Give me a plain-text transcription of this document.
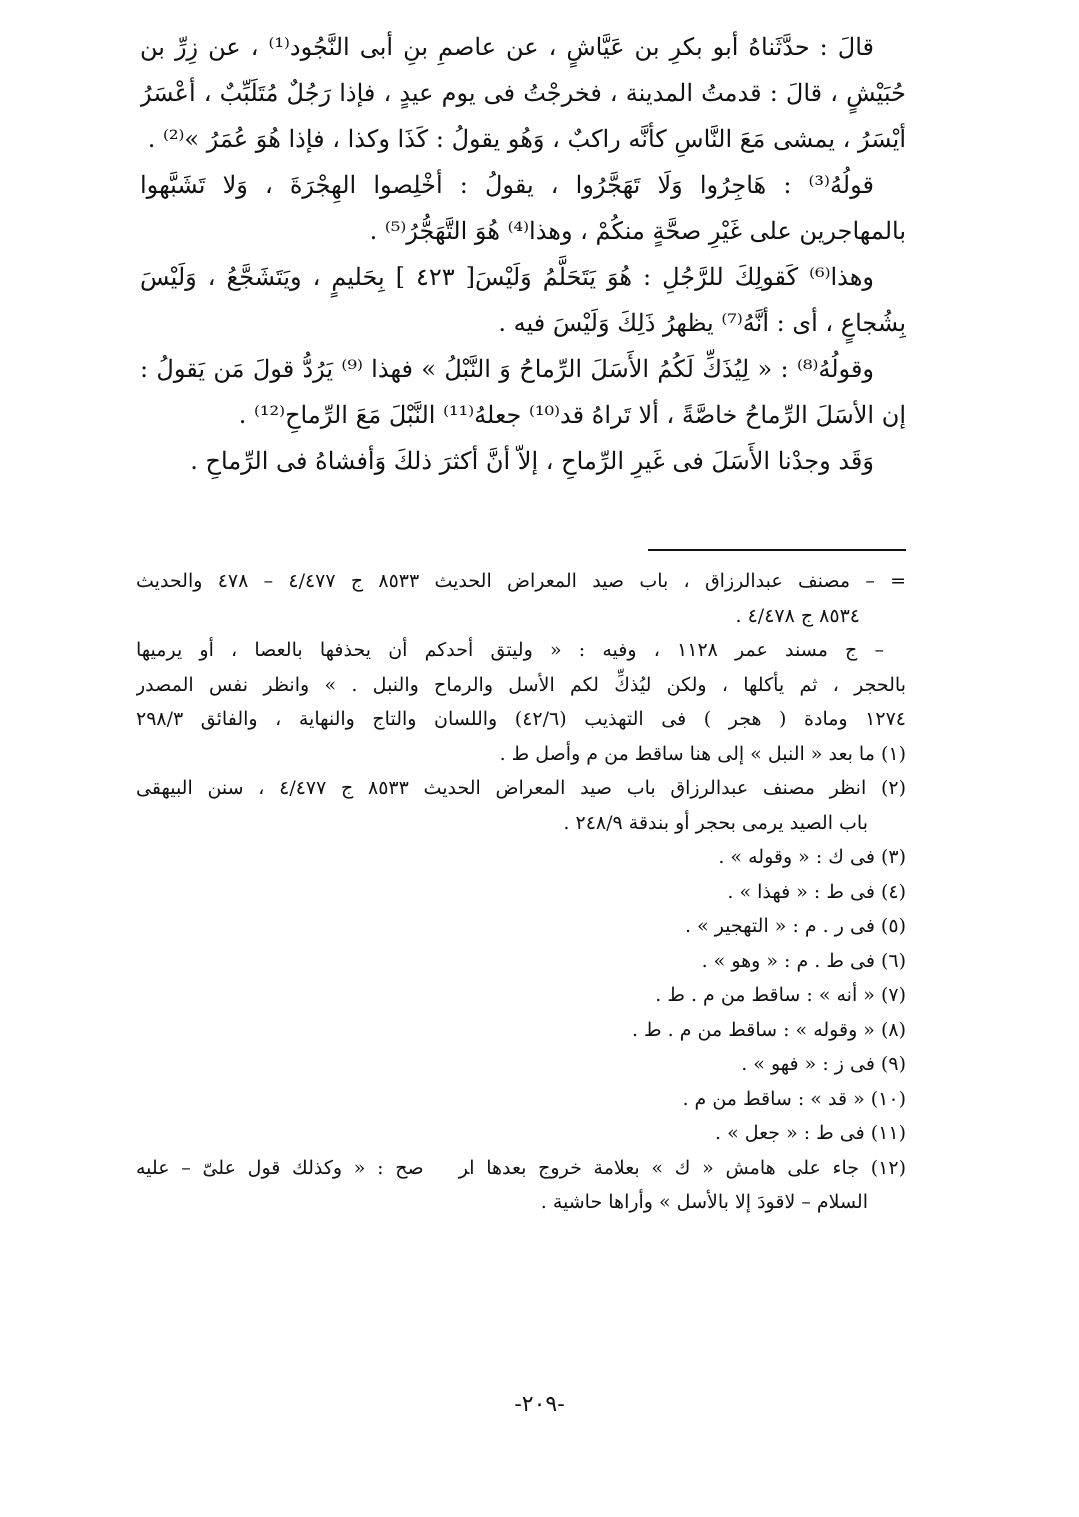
قالَ : حدَّثَناهُ أبو بكرِ بن عَيَّاشٍ ، عن عاصمِ بنِ أبى النَّجُود⁽¹⁾ ، عن زِرِّ بن
حُبَيْشٍ ، قالَ : قدمتُ المدينة ، فخرجْتُ فى يوم عيدٍ ، فإذا رَجُلٌ مُتَلَبِّبٌ ، أعْسَرُ
أيْسَرُ ، يمشى مَعَ النَّاسِ كأنَّه راكبٌ ، وَهُو يقولُ : كَذَا وكذا ، فإذا هُوَ عُمَرُ »⁽²⁾ .
قولُهُ⁽³⁾ : هَاجِرُوا وَلَا تَهَجَّرُوا ، يقولُ : أخْلِصوا الهِجْرَةَ ، وَلا تَشَبَّهوا
بالمهاجرين على غَيْرِ صحَّةٍ منكُمْ ، وهذا⁽⁴⁾ هُوَ التَّهَجُّرُ⁽⁵⁾ .
وهذا⁽⁶⁾ كَقولِكَ للرَّجُلِ : هُوَ يَتَحَلَّمُ وَلَيْسَ[ ٤٢٣ ] بِحَليمٍ ، ويَتَشَجَّعُ ، وَلَيْسَ
بِشُجاعٍ ، أى : أنَّهُ⁽⁷⁾ يظهرُ ذَلِكَ وَلَيْسَ فيه .
وقولُهُ⁽⁸⁾ : « لِيُذَكِّ لَكُمُ الأَسَلَ الرِّماحُ وَ النَّبْلُ » فهذا ⁽⁹⁾ يَرُدُّ قولَ مَن يَقولُ :
إن الأسَلَ الرِّماحُ خاصَّةً ، ألا تَراهُ قد⁽¹⁰⁾ جعلهُ⁽¹¹⁾ النَّبْلَ مَعَ الرِّماحِ⁽¹²⁾ .
وَقَد وجدْنا الأَسَلَ فى غَيرِ الرِّماحِ ، إلاّ أنَّ أكثرَ ذلكَ وَأفشاهُ فى الرِّماحِ .
= – مصنف عبدالرزاق ، باب صيد المعراض الحديث ٨٥٣٣ ج ٤/٤٧٧ – ٤٧٨ والحديث
٨٥٣٤ ج ٤/٤٧٨ .
– ج مسند عمر ١١٢٨ ، وفيه : « وليتق أحدكم أن يحذفها بالعصا ، أو يرميها
بالحجر ، ثم يأكلها ، ولكن ليُذكِّ لكم الأسل والرماح والنبل . » وانظر نفس المصدر
١٢٧٤ ومادة ( هجر ) فى التهذيب (٤٢/٦) واللسان والتاج والنهاية ، والفائق ٢٩٨/٣
(١) ما بعد « النبل » إلى هنا ساقط من م وأصل ط .
(٢) انظر مصنف عبدالرزاق باب صيد المعراض الحديث ٨٥٣٣ ج ٤/٤٧٧ ، سنن البيهقى
باب الصيد يرمى بحجر أو بندقة ٢٤٨/٩ .
(٣) فى ك : « وقوله » .
(٤) فى ط : « فهذا » .
(٥) فى ر . م : « التهجير » .
(٦) فى ط . م : « وهو » .
(٧) « أنه » : ساقط من م . ط .
(٨) « وقوله » : ساقط من م . ط .
(٩) فى ز : « فهو » .
(١٠) « قد » : ساقط من م .
(١١) فى ط : « جعل » .
(١٢) جاء على هامش « ك » بعلامة خروج بعدها ا‍ر ‍ ‍ صح : « وكذلك قول علىّ – عليه
السلام – لاقودَ إلا بالأسل » وأراها حاشية .
-٢٠٩-
